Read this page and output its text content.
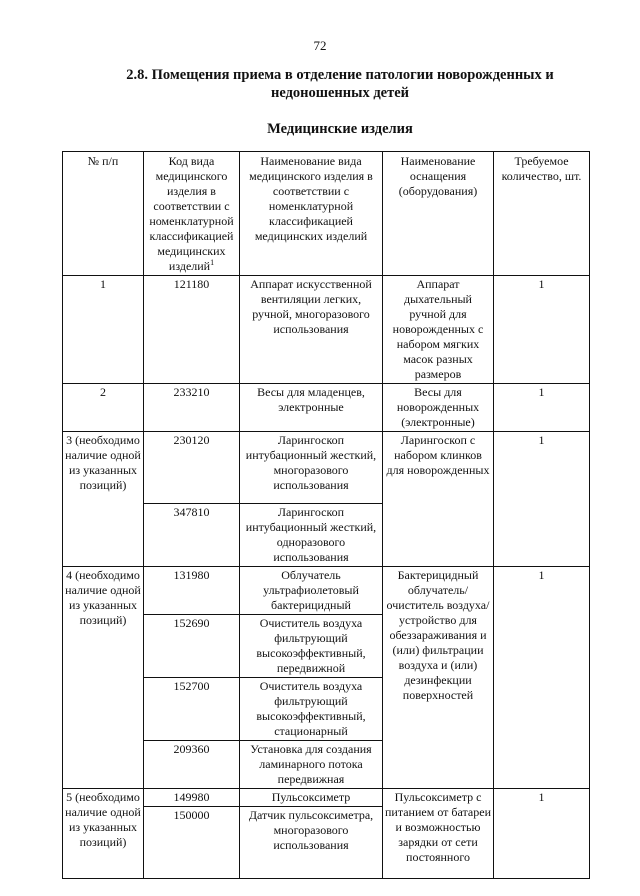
72
2.8. Помещения приема в отделение патологии новорожденных и недоношенных детей
Медицинские изделия
№ п/п	Код вида медицинского изделия в соответствии с номенклатурной классификацией медицинских изделий$^1$	Наименование вида медицинского изделия в соответствии с номенклатурной классификацией медицинских изделий	Наименование оснащения (оборудования)	Требуемое количество, шт.
1	121180	Аппарат искусственной вентиляции легких, ручной, многоразового использования	Аппарат дыхательный ручной для новорожденных с набором мягких масок разных размеров	1
2	233210	Весы для младенцев, электронные	Весы для новорожденных (электронные)	1
3 (необходимо наличие одной из указанных позиций)	230120	Ларингоскоп интубационный жесткий, многоразового использования	Ларингоскоп с набором клинков для новорожденных	1
	347810	Ларингоскоп интубационный жесткий, одноразового использования		
4 (необходимо наличие одной из указанных позиций)	131980	Облучатель ультрафиолетовый бактерицидный	Бактерицидный облучатель/ очиститель воздуха/ устройство для обеззараживания и (или) фильтрации воздуха и (или) дезинфекции поверхностей	1
	152690	Очиститель воздуха фильтрующий высокоэффективный, передвижной		
	152700	Очиститель воздуха фильтрующий высокоэффективный, стационарный		
	209360	Установка для создания ламинарного потока передвижная		
5 (необходимо наличие одной из указанных позиций)	149980	Пульсоксиметр	Пульсоксиметр с питанием от батареи и возможностью зарядки от сети постоянного	1
	150000	Датчик пульсоксиметра, многоразового использования		
